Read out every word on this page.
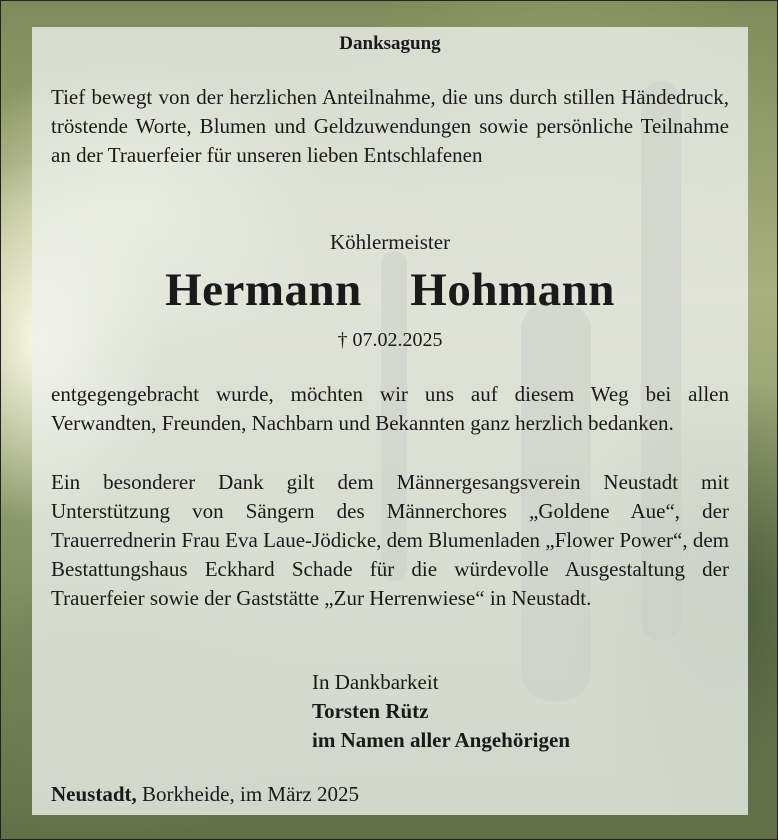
Danksagung
Tief bewegt von der herzlichen Anteilnahme, die uns durch stillen Händedruck, tröstende Worte, Blumen und Geldzuwendungen sowie persönliche Teilnahme an der Trauerfeier für unseren lieben Entschlafenen
Köhlermeister
Hermann  Hohmann
† 07.02.2025
entgegengebracht wurde, möchten wir uns auf diesem Weg bei allen Verwandten, Freunden, Nachbarn und Bekannten ganz herzlich bedanken.
Ein besonderer Dank gilt dem Männergesangsverein Neustadt mit Unterstützung von Sängern des Männerchores „Goldene Aue“, der Trauerrednerin Frau Eva Laue-Jödicke, dem Blumenladen „Flower Power“, dem Bestattungshaus Eckhard Schade für die würdevolle Ausgestaltung der Trauerfeier sowie der Gaststätte „Zur Herrenwiese“ in Neustadt.
In Dankbarkeit
Torsten Rütz
im Namen aller Angehörigen
Neustadt, Borkheide, im März 2025
